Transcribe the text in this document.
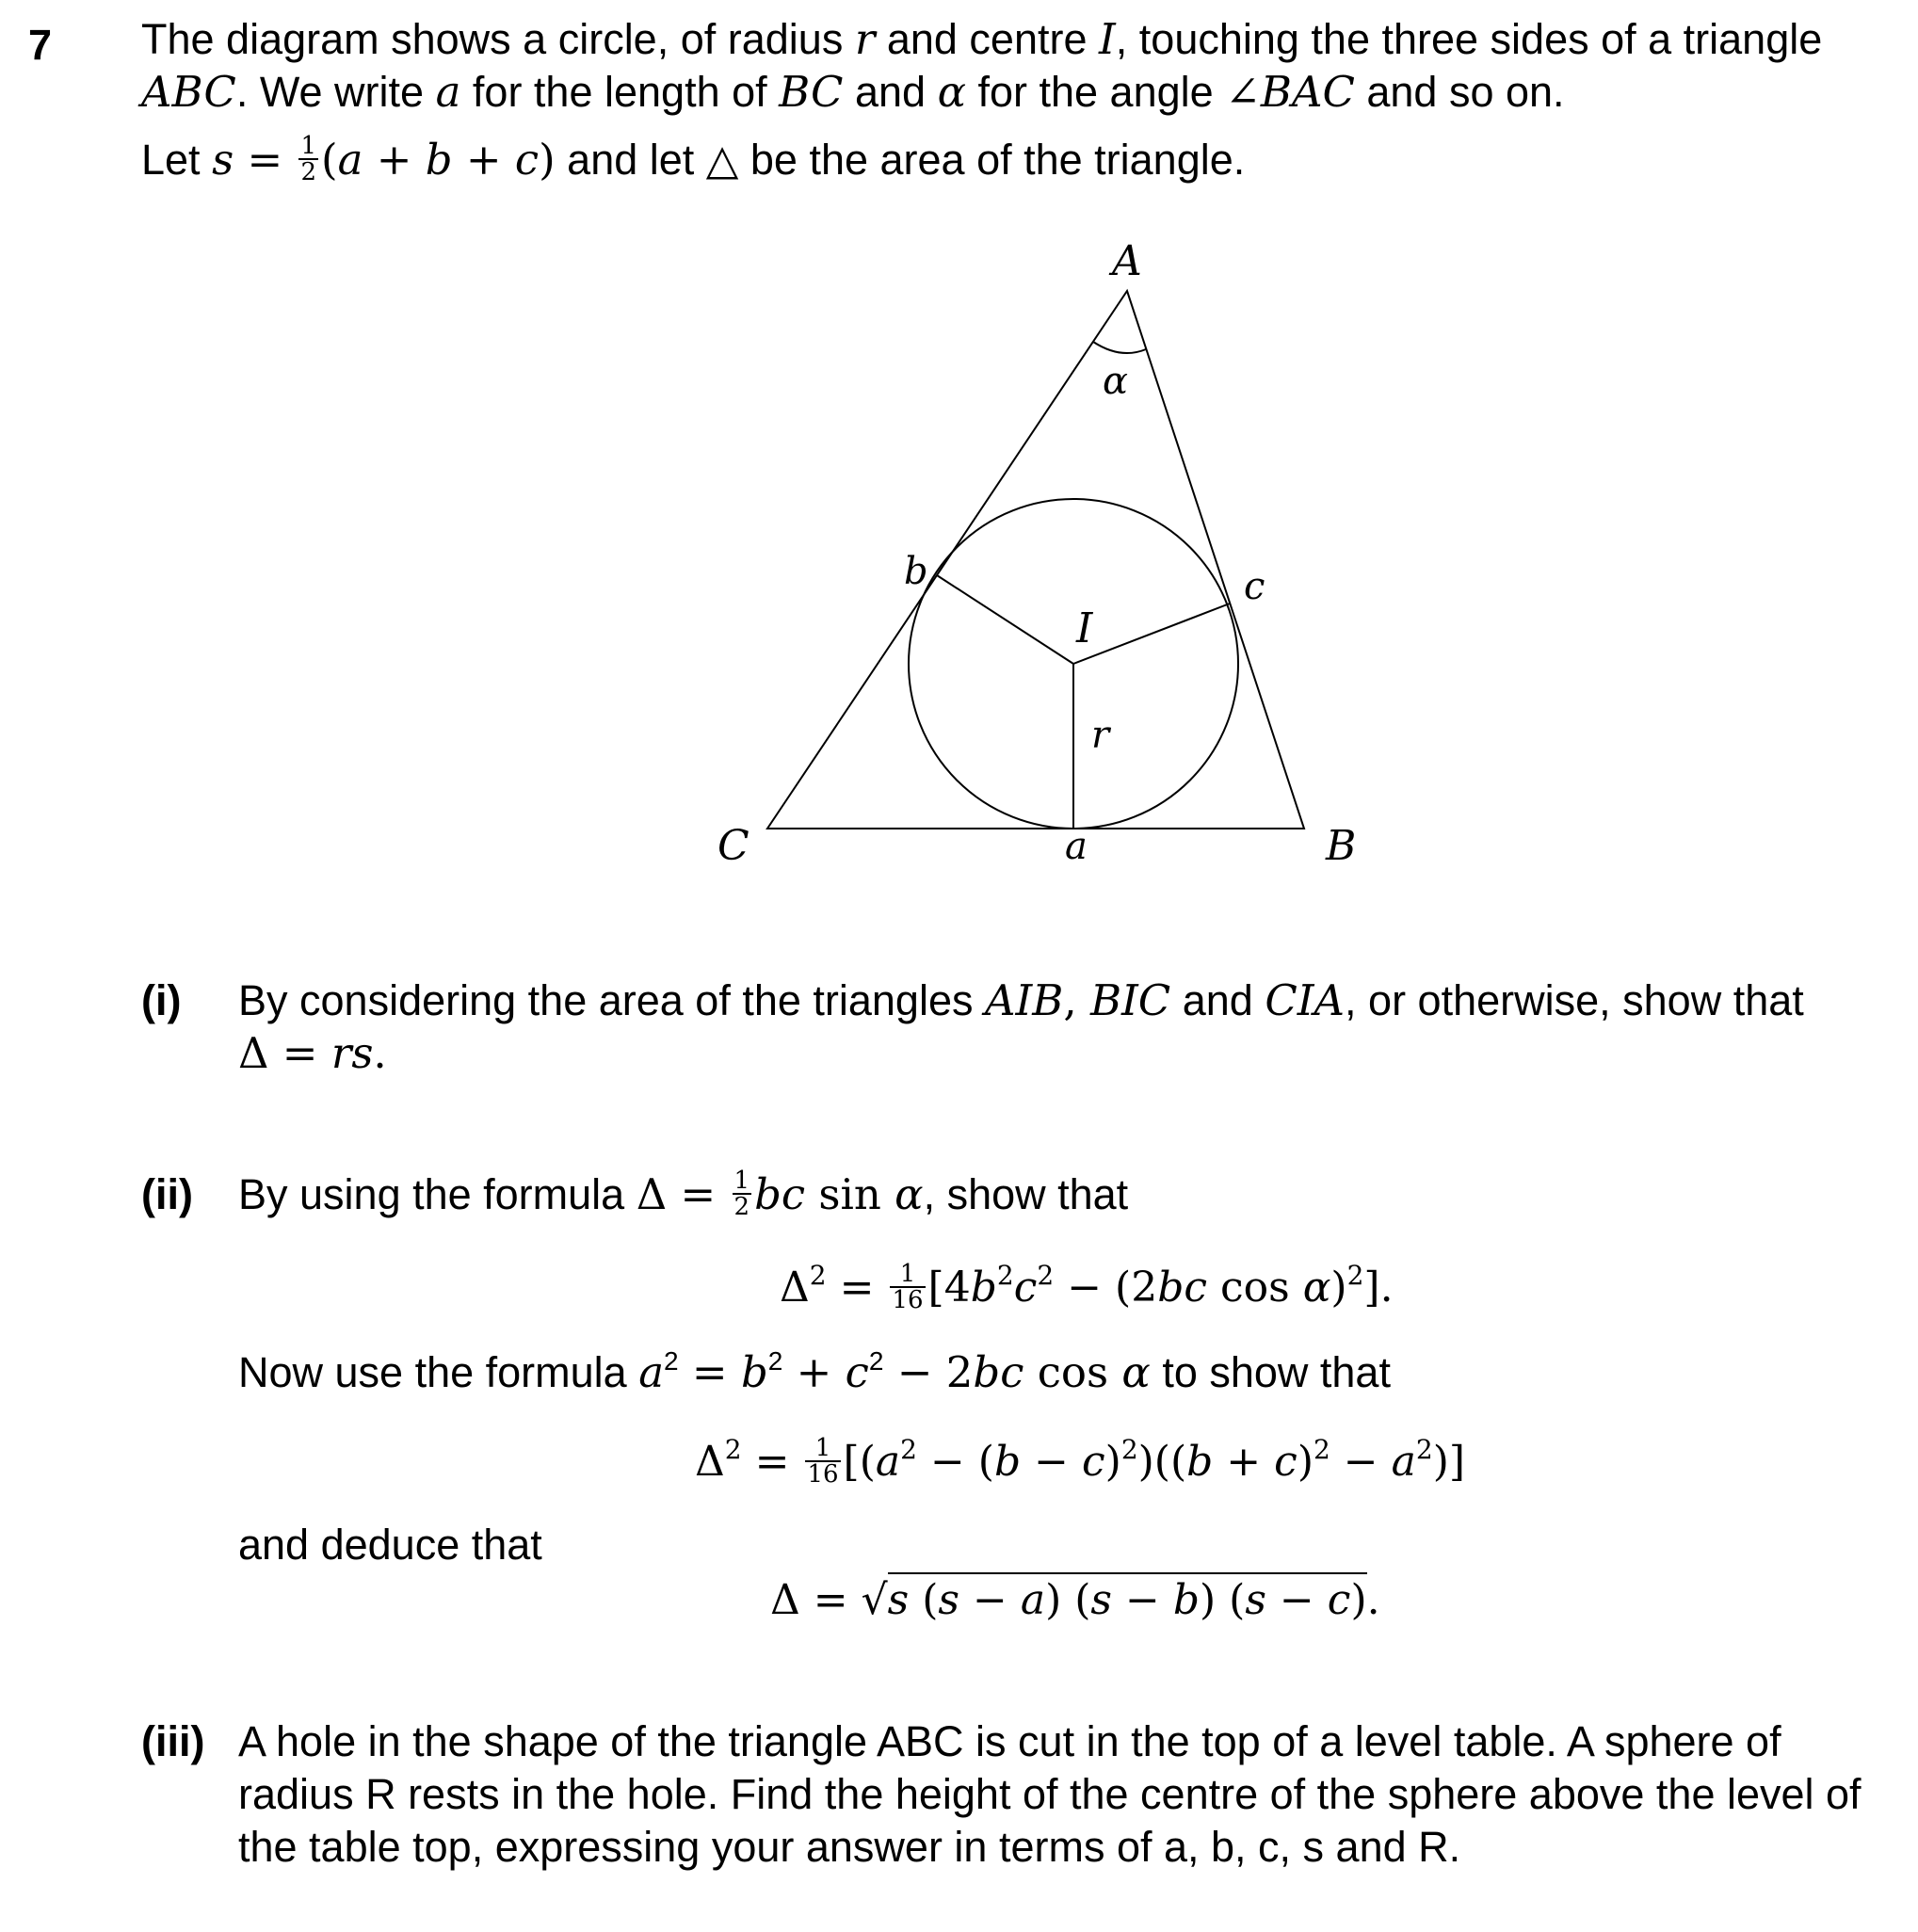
7 The diagram shows a circle, of radius r and centre I, touching the three sides of a triangle
ABC. We write a for the length of BC and α for the angle ∠BAC and so on.
Let $s = \frac{1}{2} (a + b + c)$ and let △ be the area of the triangle.
A
B
C
α
I
r
a
b	c
(i) By considering the area of the triangles AIB, BIC and CIA, or otherwise, show that
Δ = rs.
(ii) By using the formula $\Delta = \frac{1}{2}$ bc sin α, show that
$\Delta^2 = \frac{1}{16} [4b^2c^2 - (2bc$ cos α)$^2$].
Now use the formula $a^2 = b^2 + c^2 - 2bc$ cos α to show that
$\Delta^2 = \frac{1}{16} [(a^2 - (b - c)^2)((b + c)^2 - a^2)]$
and deduce that
Δ = √s (s − a) (s − b) (s − c).
(iii) A hole in the shape of the triangle ABC is cut in the top of a level table. A sphere of radius R rests in the hole. Find the height of the centre of the sphere above the level of the table top, expressing your answer in terms of a, b, c, s and R.
